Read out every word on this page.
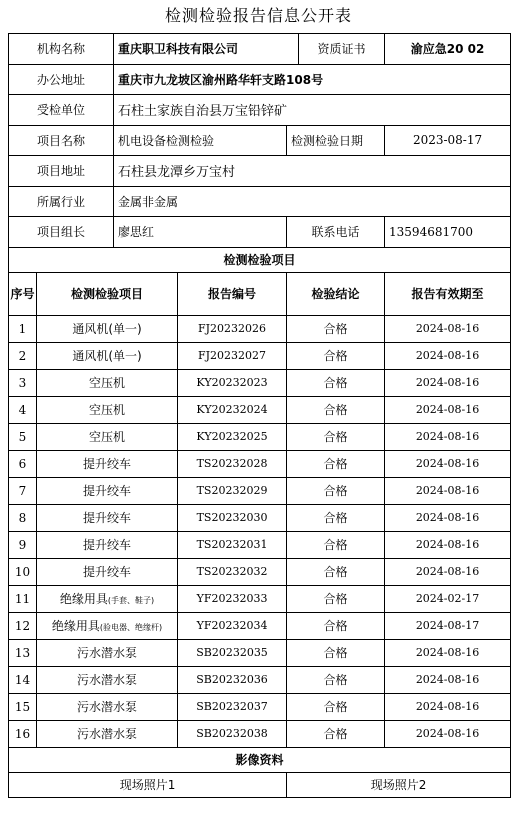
检测检验报告信息公开表
机构名称		重庆职卫科技有限公司			资质证书	渝应急20 02
办公地址		重庆市九龙坡区渝州路华轩支路108号				
受检单位		石柱土家族自治县万宝铅锌矿				
项目名称		机电设备检测检验		检测检验日期		2023-08-17
项目地址		石柱县龙潭乡万宝村				
所属行业		金属非金属				
项目组长		廖思红		联系电话		13594681700
检测检验项目						
序号	检测检验项目		报告编号	检验结论		报告有效期至
1	通风机(单一)		FJ20232026	合格		2024-08-16
2	通风机(单一)		FJ20232027	合格		2024-08-16
3	空压机		KY20232023	合格		2024-08-16
4	空压机		KY20232024	合格		2024-08-16
5	空压机		KY20232025	合格		2024-08-16
6	提升绞车		TS20232028	合格		2024-08-16
7	提升绞车		TS20232029	合格		2024-08-16
8	提升绞车		TS20232030	合格		2024-08-16
9	提升绞车		TS20232031	合格		2024-08-16
10	提升绞车		TS20232032	合格		2024-08-16
11	绝缘用具(手套、鞋子)		YF20232033	合格		2024-02-17
12	绝缘用具(验电器、绝缘杆)		YF20232034	合格		2024-08-17
13	污水潜水泵		SB20232035	合格		2024-08-16
14	污水潜水泵		SB20232036	合格		2024-08-16
15	污水潜水泵		SB20232037	合格		2024-08-16
16	污水潜水泵		SB20232038	合格		2024-08-16
影像资料						
现场照片1				现场照片2		
